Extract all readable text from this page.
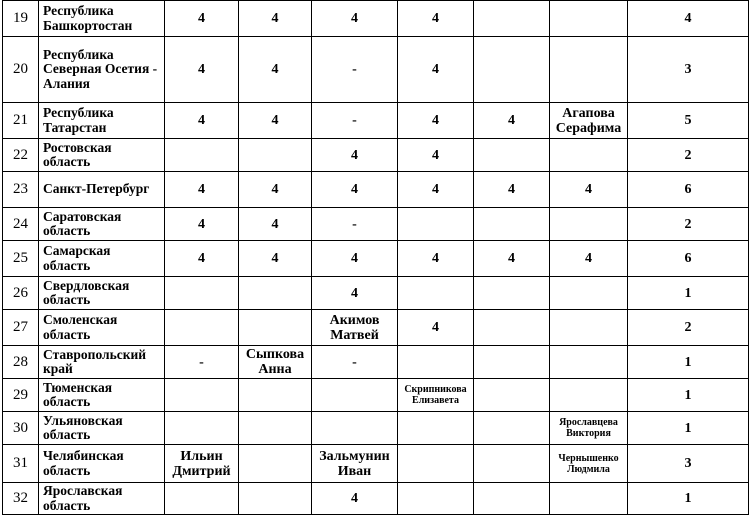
19	Республика Башкортостан	4	4	4	4			4
20	Республика Северная Осетия - Алания	4	4	-	4			3
21	Республика Татарстан	4	4	-	4	4	Агапова Серафима	5
22	Ростовская область			4	4			2
23	Санкт-Петербург	4	4	4	4	4	4	6
24	Саратовская область	4	4	-				2
25	Самарская область	4	4	4	4	4	4	6
26	Свердловская область			4				1
27	Смоленская область			Акимов Матвей	4			2
28	Ставропольский край	-	Сыпкова Анна	-				1
29	Тюменская область				Скрипникова Елизавета			1
30	Ульяновская область						Ярославцева Виктория	1
31	Челябинская область	Ильин Дмитрий		Зальмунин Иван			Чернышенко Людмила	3
32	Ярославская область			4				1
